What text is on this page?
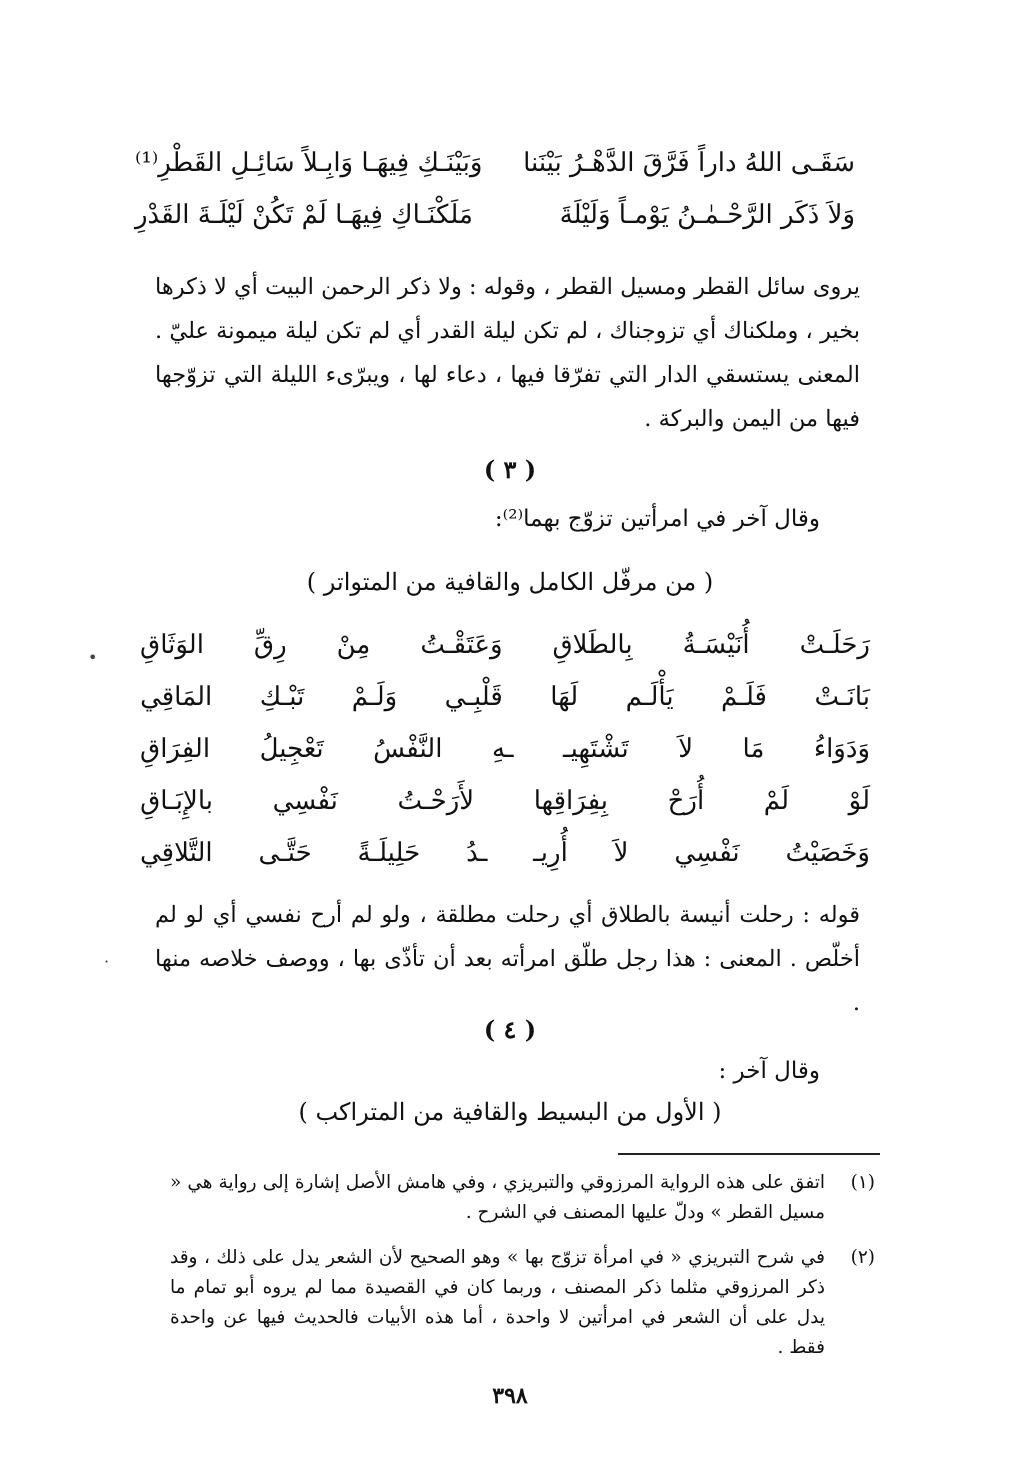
سَقَـى اللهُ داراً فَرَّقَ الدَّهْـرُ بَيْنَنا
وَبَيْنَـكِ فِيهَـا وَابِـلاً سَائِـلِ القَطْرِ⁽¹⁾
وَلاَ ذَكَر الرَّحْـمٰـنُ يَوْمـاً وَلَيْلَةَ
مَلَكْنَـاكِ فِيهَـا لَمْ تَكُنْ لَيْلَـةَ القَدْرِ
يروى سائل القطر ومسيل القطر ، وقوله : ولا ذكر الرحمن البيت أي لا ذكرها بخير ، وملكناك أي تزوجناك ، لم تكن ليلة القدر أي لم تكن ليلة ميمونة عليّ . المعنى يستسقي الدار التي تفرّقا فيها ، دعاء لها ، ويبرّىء الليلة التي تزوّجها فيها من اليمن والبركة .
( ٣ )
وقال آخر في امرأتين تزوّج بهما⁽²⁾:
( من مرفّل الكامل والقافية من المتواتر )
رَحَلَـتْ
أُنَيْسَـةُ
بِالطَلاقِ
وَعَتَقْـتُ
مِنْ
رِقِّ
الوَثَاقِ
بَانَـتْ
فَلَـمْ
يَأْلَـم
لَهَا
قَلْبِـي
وَلَـمْ
تَبْـكِ
المَاقِي
وَدَوَاءُ
مَا
لاَ
تَشْتَهِيـ
ـهِ
النَّفْسُ
تَعْجِيلُ
الفِرَاقِ
لَوْ
لَمْ
أُرَحْ
بِفِرَاقِها
لأَرَحْـتُ
نَفْسِي
بالإِبَـاقِ
وَخَصَيْتُ
نَفْسِي
لاَ
أُرِيـ
ـدُ
حَلِيلَـةً
حَتَّـى
التَّلاقِي
قوله : رحلت أنيسة بالطلاق أي رحلت مطلقة ، ولو لم أرح نفسي أي لو لم أخلّص . المعنى : هذا رجل طلّق امرأته بعد أن تأذّى بها ، ووصف خلاصه منها .
( ٤ )
وقال آخر :
( الأول من البسيط والقافية من المتراكب )
(١)
اتفق على هذه الرواية المرزوقي والتبريزي ، وفي هامش الأصل إشارة إلى رواية هي « مسيل القطر » ودلّ عليها المصنف في الشرح .
(٢)
في شرح التبريزي « في امرأة تزوّج بها » وهو الصحيح لأن الشعر يدل على ذلك ، وقد ذكر المرزوقي مثلما ذكر المصنف ، وربما كان في القصيدة مما لم يروه أبو تمام ما يدل على أن الشعر في امرأتين لا واحدة ، أما هذه الأبيات فالحديث فيها عن واحدة فقط .
٣٩٨
•
·
